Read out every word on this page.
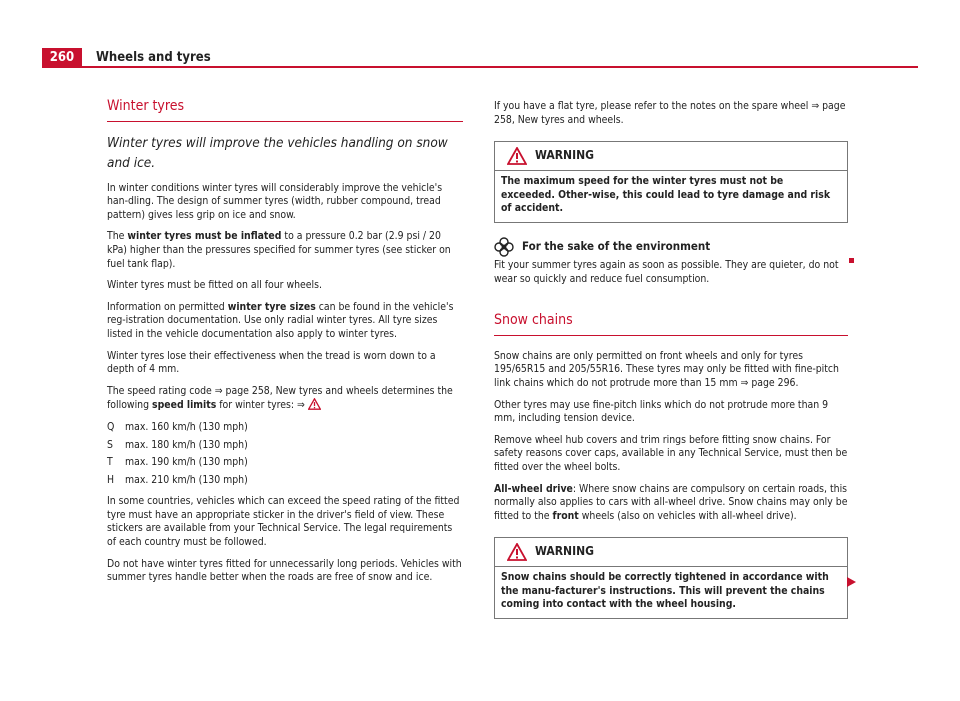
260	Wheels and tyres
Winter tyres
Winter tyres will improve the vehicles handling on snow and ice.

In winter conditions winter tyres will considerably improve the vehicle's han-dling. The design of summer tyres (width, rubber compound, tread pattern) gives less grip on ice and snow.

The winter tyres must be inflated to a pressure 0.2 bar (2.9 psi / 20 kPa) higher than the pressures specified for summer tyres (see sticker on fuel tank flap).

Winter tyres must be fitted on all four wheels.

Information on permitted winter tyre sizes can be found in the vehicle's reg-istration documentation. Use only radial winter tyres. All tyre sizes listed in the vehicle documentation also apply to winter tyres.

Winter tyres lose their effectiveness when the tread is worn down to a depth of 4 mm.

The speed rating code ⇒ page 258, New tyres and wheels determines the following speed limits for winter tyres: ⇒

Q	max. 160 km/h (130 mph)
S	max. 180 km/h (130 mph)
T	max. 190 km/h (130 mph)
H	max. 210 km/h (130 mph)

In some countries, vehicles which can exceed the speed rating of the fitted tyre must have an appropriate sticker in the driver's field of view. These stickers are available from your Technical Service. The legal requirements of each country must be followed.

Do not have winter tyres fitted for unnecessarily long periods. Vehicles with summer tyres handle better when the roads are free of snow and ice.

If you have a flat tyre, please refer to the notes on the spare wheel ⇒ page 258, New tyres and wheels.

WARNING
The maximum speed for the winter tyres must not be exceeded. Other-wise, this could lead to tyre damage and risk of accident.
For the sake of the environment

Fit your summer tyres again as soon as possible. They are quieter, do not wear so quickly and reduce fuel consumption.

Snow chains

Snow chains are only permitted on front wheels and only for tyres 195/65R15 and 205/55R16. These tyres may only be fitted with fine-pitch link chains which do not protrude more than 15 mm ⇒ page 296.

Other tyres may use fine-pitch links which do not protrude more than 9 mm, including tension device.

Remove wheel hub covers and trim rings before fitting snow chains. For safety reasons cover caps, available in any Technical Service, must then be fitted over the wheel bolts.

All-wheel drive: Where snow chains are compulsory on certain roads, this normally also applies to cars with all-wheel drive. Snow chains may only be fitted to the front wheels (also on vehicles with all-wheel drive).

WARNING
Snow chains should be correctly tightened in accordance with the manu-facturer's instructions. This will prevent the chains coming into contact with the wheel housing.
